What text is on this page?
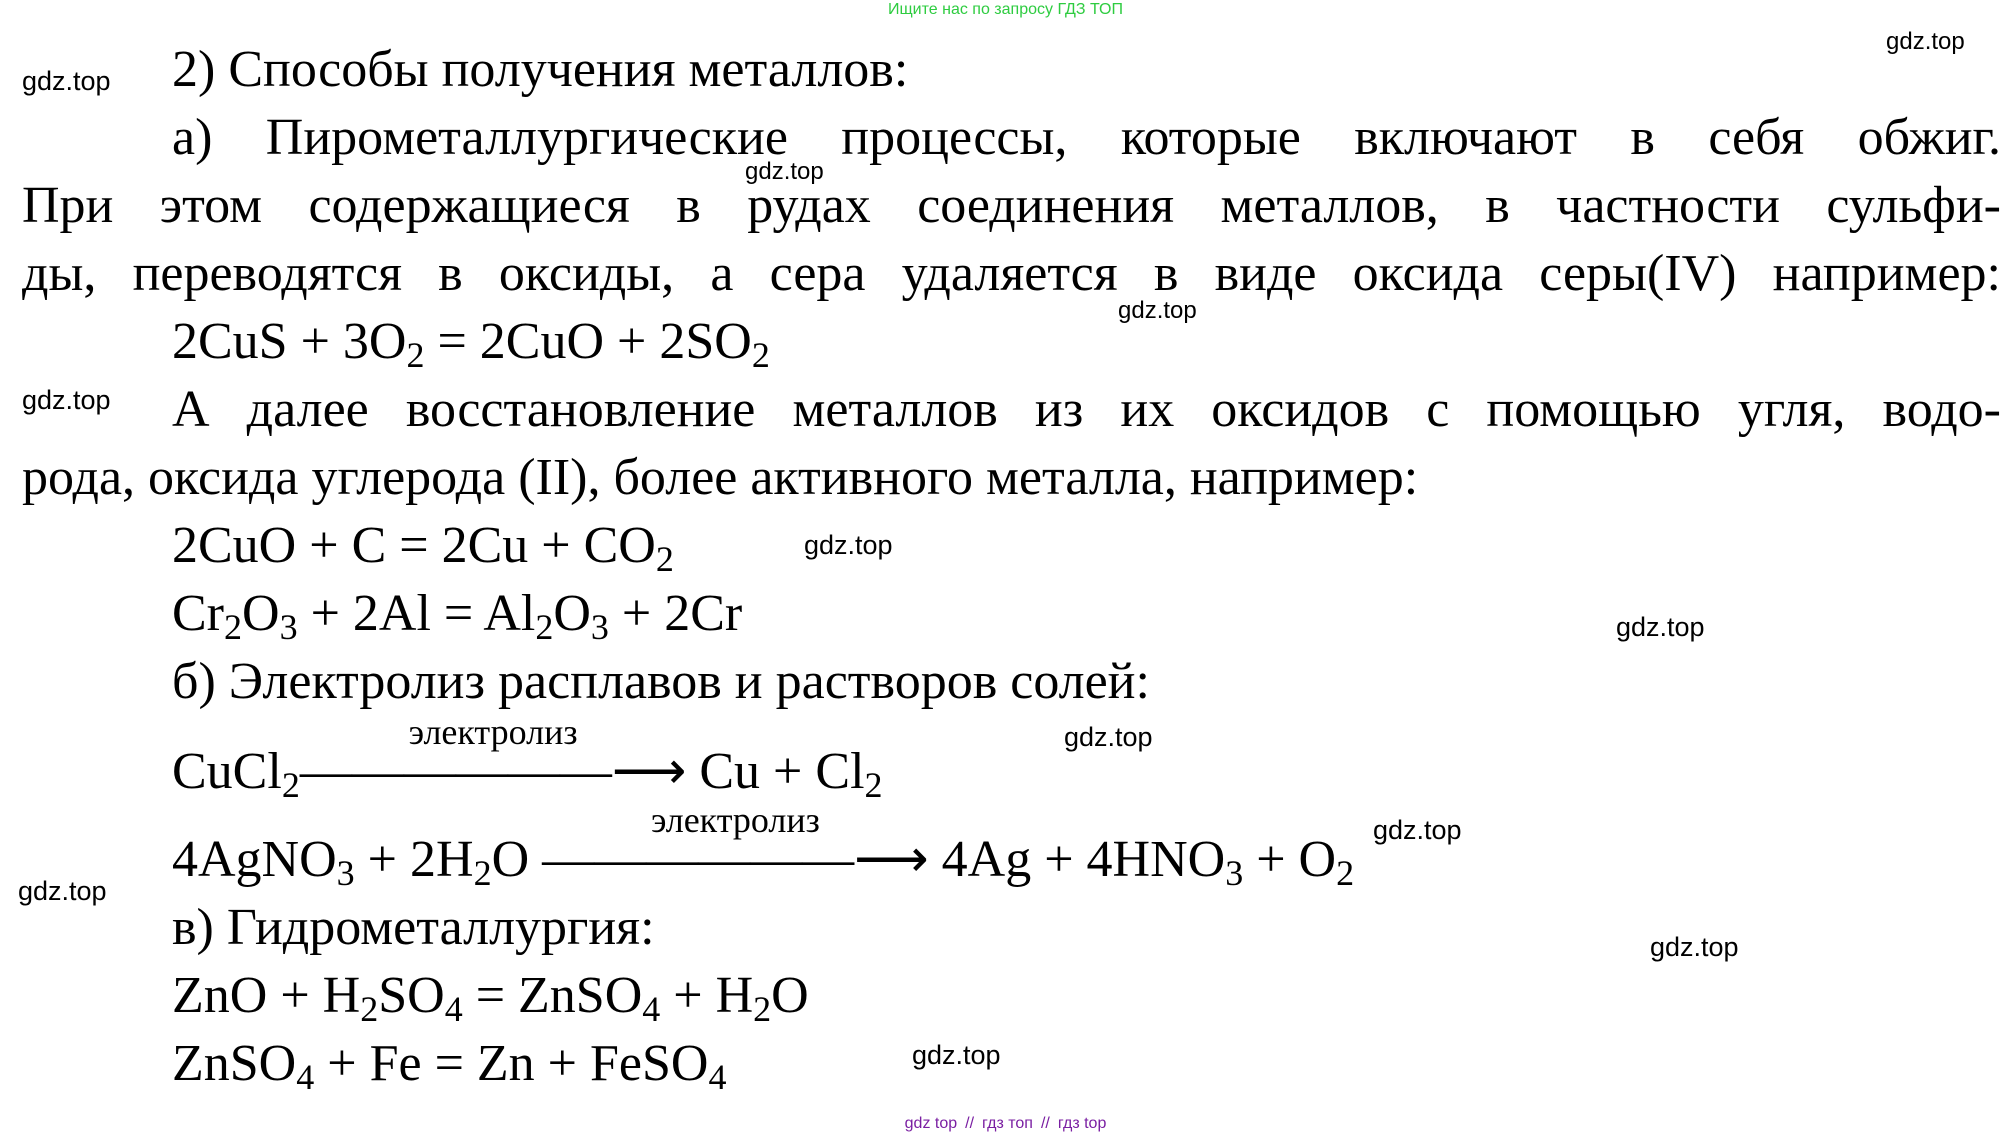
Ищите нас по запросу ГДЗ ТОП
gdz.top
gdz.top
gdz.top
gdz.top
gdz.top
gdz.top
gdz.top
gdz.top
gdz.top
gdz.top
gdz.top
gdz.top
2) Способы получения металлов:
а) Пирометаллургические процессы, которые включают в себя обжиг.
При этом содержащиеся в рудах соединения металлов, в частности сульфи-
ды, переводятся в оксиды, а сера удаляется в виде оксида серы(IV) например:
$2CuS + 3O_2 = 2CuO + 2SO_2$
А далее восстановление металлов из их оксидов с помощью угля, водо-
рода, оксида углерода (II), более активного металла, например:
$2CuO + C = 2Cu + CO_2$
$Cr_2O_3 + 2Al = Al_2O_3 + 2Cr$
б) Электролиз расплавов и растворов солей:
CuCl$_2$
электролиз
——————⟶ $Cu + Cl_2$
4AgNO$_3$ + $2H_2O$
электролиз
——————⟶ $4Ag + 4HNO_3 + O_2$
в) Гидрометаллургия:
ZnO + $H_2SO_4$ = ZnSO$_4$ + $H_2O$
ZnSO$_4$ + Fe = Zn + FeSO$_4$
gdz top // гдз топ // гдз top
